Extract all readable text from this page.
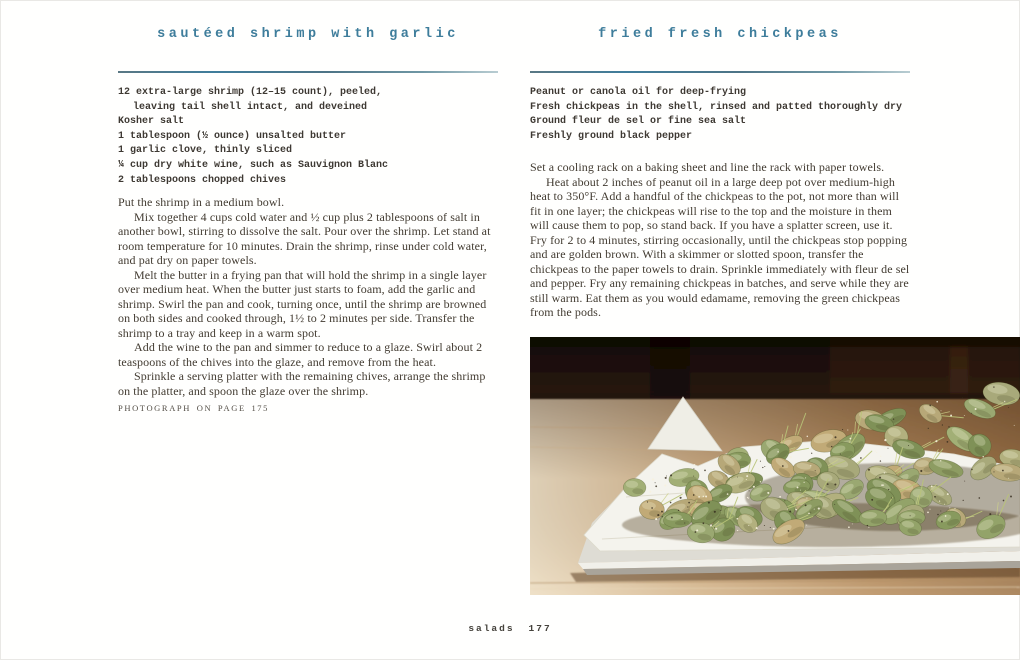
sautéed shrimp with garlic
12 extra-large shrimp (12–15 count), peeled,
leaving tail shell intact, and deveined
Kosher salt
1 tablespoon (½ ounce) unsalted butter
1 garlic clove, thinly sliced
¼ cup dry white wine, such as Sauvignon Blanc
2 tablespoons chopped chives

Put the shrimp in a medium bowl.

Mix together 4 cups cold water and ½ cup plus 2 tablespoons of salt in another bowl, stirring to dissolve the salt. Pour over the shrimp. Let stand at room temperature for 10 minutes. Drain the shrimp, rinse under cold water, and pat dry on paper towels.

Melt the butter in a frying pan that will hold the shrimp in a single layer over medium heat. When the butter just starts to foam, add the garlic and shrimp. Swirl the pan and cook, turning once, until the shrimp are browned on both sides and cooked through, 1½ to 2 minutes per side. Transfer the shrimp to a tray and keep in a warm spot.

Add the wine to the pan and simmer to reduce to a glaze. Swirl about 2 teaspoons of the chives into the glaze, and remove from the heat.

Sprinkle a serving platter with the remaining chives, arrange the shrimp on the platter, and spoon the glaze over the shrimp.

PHOTOGRAPH ON PAGE 175
fried fresh chickpeas
Peanut or canola oil for deep-frying
Fresh chickpeas in the shell, rinsed and patted thoroughly dry
Ground fleur de sel or fine sea salt
Freshly ground black pepper

Set a cooling rack on a baking sheet and line the rack with paper towels.

Heat about 2 inches of peanut oil in a large deep pot over medium-high heat to 350°F. Add a handful of the chickpeas to the pot, not more than will fit in one layer; the chickpeas will rise to the top and the moisture in them will cause them to pop, so stand back. If you have a splatter screen, use it. Fry for 2 to 4 minutes, stirring occasionally, until the chickpeas stop popping and are golden brown. With a skimmer or slotted spoon, transfer the chickpeas to the paper towels to drain. Sprinkle immediately with fleur de sel and pepper. Fry any remaining chickpeas in batches, and serve while they are still warm. Eat them as you would edamame, removing the green chickpeas from the pods.

salads 177
